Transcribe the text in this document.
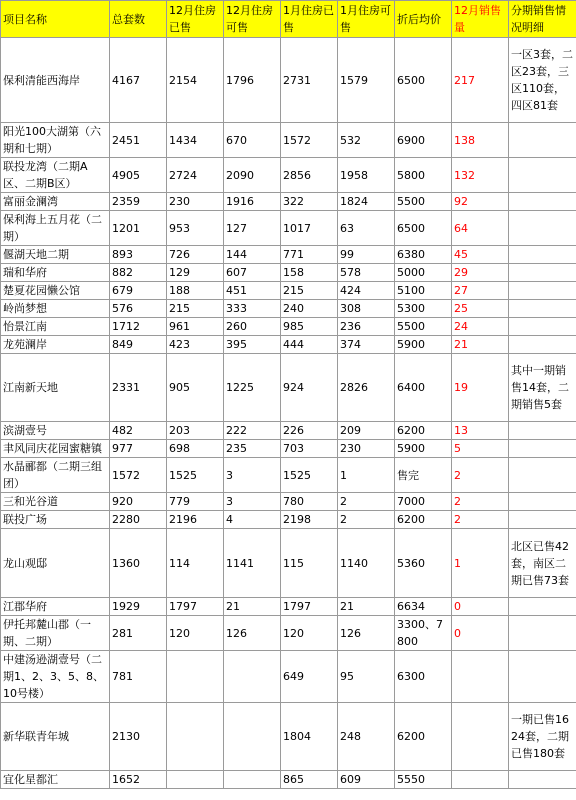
项目名称	总套数	12月住房已售	12月住房可售	1月住房已售	1月住房可售	折后均价	12月销售量	分期销售情况明细
保利清能西海岸	4167	2154	1796	2731	1579	6500	217	一区3套，二区23套，三区110套，四区81套
阳光100大湖第（六期和七期）	2451	1434	670	1572	532	6900	138	
联投龙湾（二期A区、二期B区）	4905	2724	2090	2856	1958	5800	132	
富丽金澜湾	2359	230	1916	322	1824	5500	92	
保利海上五月花（二期）	1201	953	127	1017	63	6500	64	
偃湖天地二期	893	726	144	771	99	6380	45	
瑞和华府	882	129	607	158	578	5000	29	
楚夏花园懒公馆	679	188	451	215	424	5100	27	
岭尚梦想	576	215	333	240	308	5300	25	
怡景江南	1712	961	260	985	236	5500	24	
龙苑澜岸	849	423	395	444	374	5900	21	
江南新天地	2331	905	1225	924	2826	6400	19	其中一期销售14套，二期销售5套
滨湖壹号	482	203	222	226	209	6200	13	
聿风同庆花园蜜糖镇	977	698	235	703	230	5900	5	
水晶郦都（二期三组团）	1572	1525	3	1525	1	售完	2	
三和光谷道	920	779	3	780	2	7000	2	
联投广场	2280	2196	4	2198	2	6200	2	
龙山观邸	1360	114	1141	115	1140	5360	1	北区已售42套，南区二期已售73套
江郡华府	1929	1797	21	1797	21	6634	0	
伊托邦麓山郡（一期、二期）	281	120	126	120	126	3300、7800	0	
中建汤逊湖壹号（二期1、2、3、5、8、10号楼）	781			649	95	6300		
新华联青年城	2130			1804	248	6200		一期已售1624套，二期已售180套
宜化星都汇	1652			865	609	5550		
